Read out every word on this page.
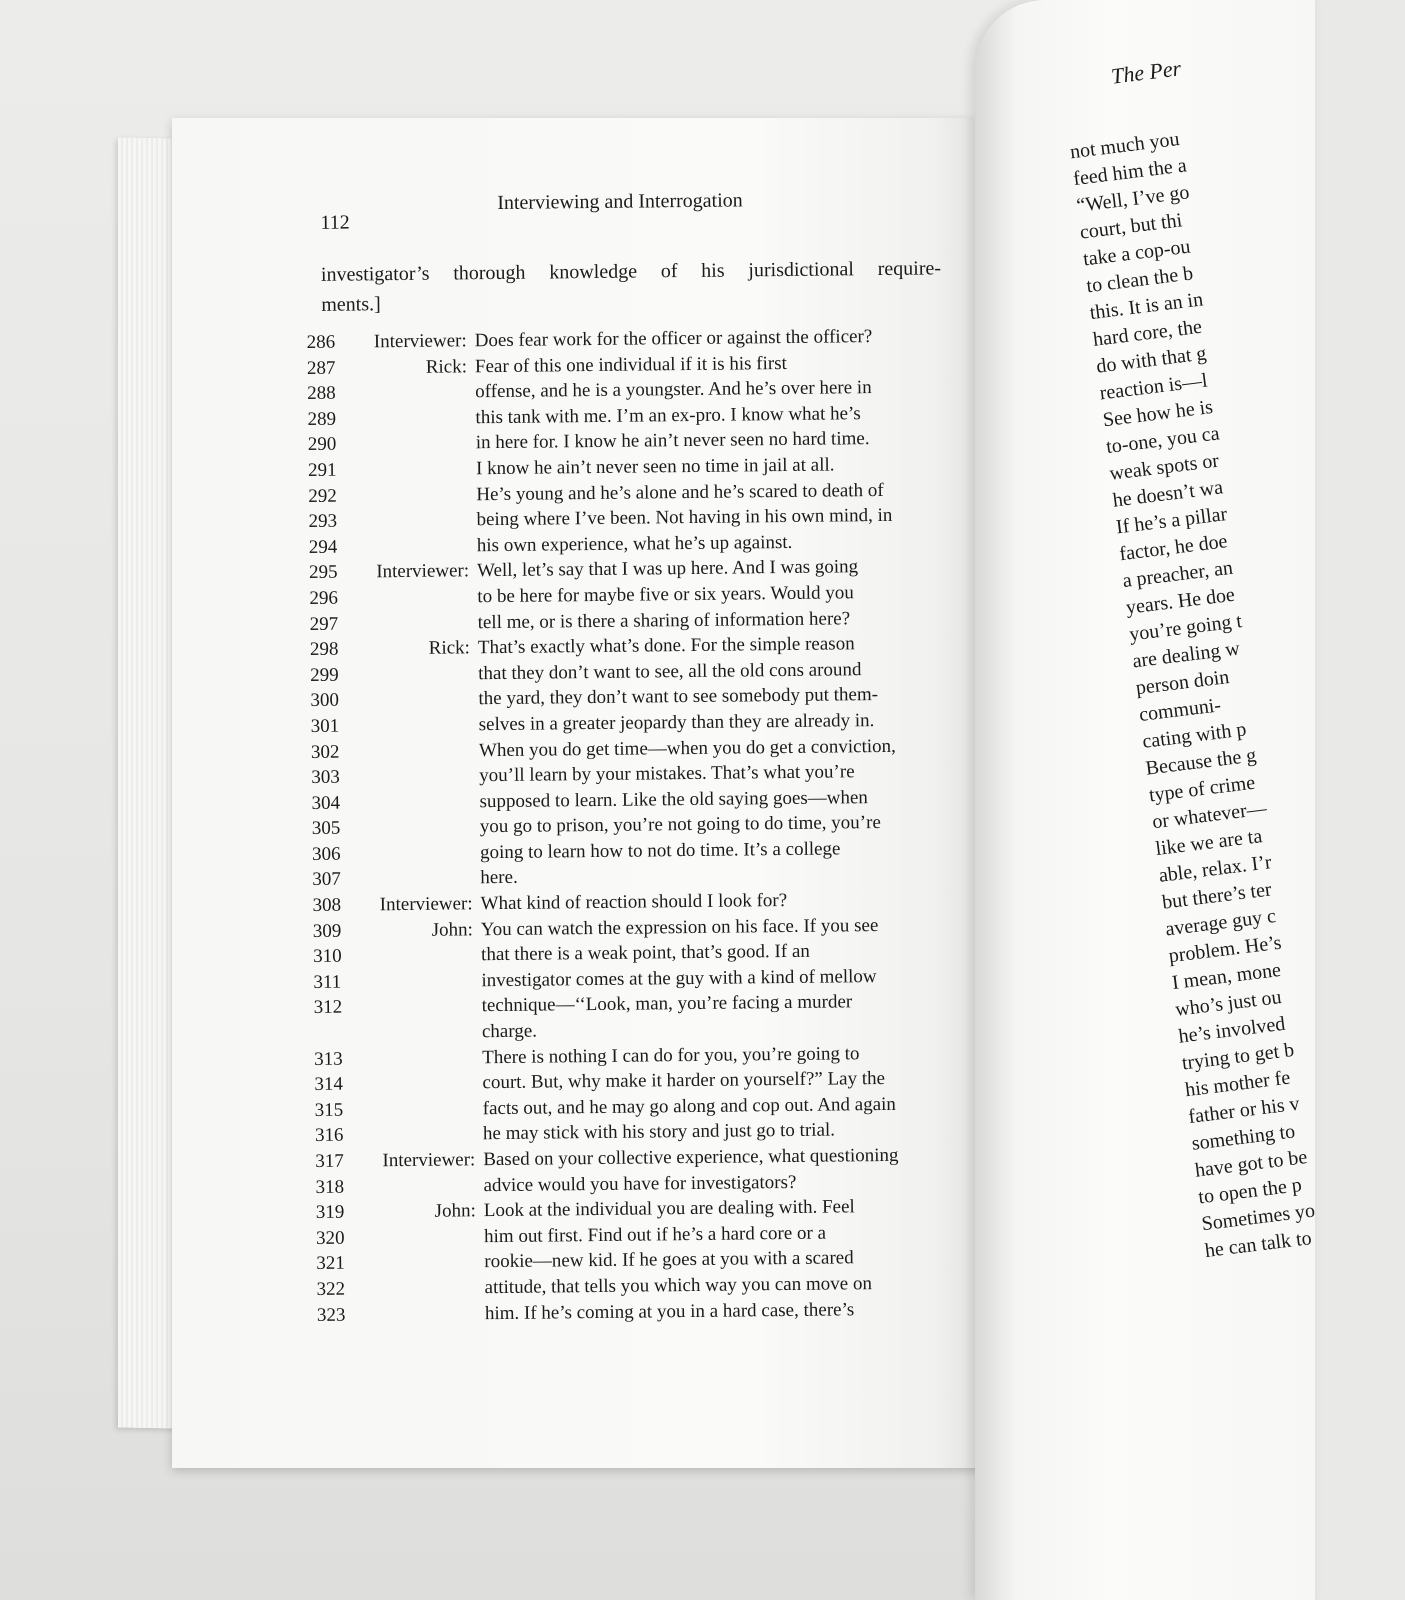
112
Interviewing and Interrogation
investigator’s thorough knowledge of his jurisdictional require-
ments.]
286	Interviewer: Does fear work for the officer or against the officer?
287	Rick: Fear of this one individual if it is his first
288	offense, and he is a youngster. And he’s over here in
289	this tank with me. I’m an ex-pro. I know what he’s
290	in here for. I know he ain’t never seen no hard time.
291	I know he ain’t never seen no time in jail at all.
292	He’s young and he’s alone and he’s scared to death of
293	being where I’ve been. Not having in his own mind, in
294	his own experience, what he’s up against.
295	Interviewer: Well, let’s say that I was up here. And I was going
296	to be here for maybe five or six years. Would you
297	tell me, or is there a sharing of information here?
298	Rick: That’s exactly what’s done. For the simple reason
299	that they don’t want to see, all the old cons around
300	the yard, they don’t want to see somebody put them-
301	selves in a greater jeopardy than they are already in.
302	When you do get time—when you do get a conviction,
303	you’ll learn by your mistakes. That’s what you’re
304	supposed to learn. Like the old saying goes—when
305	you go to prison, you’re not going to do time, you’re
306	going to learn how to not do time. It’s a college
307	here.
308	Interviewer: What kind of reaction should I look for?
309	John: You can watch the expression on his face. If you see
310	that there is a weak point, that’s good. If an
311	investigator comes at the guy with a kind of mellow
312	technique—‘‘Look, man, you’re facing a murder
charge.
313	There is nothing I can do for you, you’re going to
314	court. But, why make it harder on yourself?” Lay the
315	facts out, and he may go along and cop out. And again
316	he may stick with his story and just go to trial.
317	Interviewer: Based on your collective experience, what questioning
318	advice would you have for investigators?
319	John: Look at the individual you are dealing with. Feel
320	him out first. Find out if he’s a hard core or a
321	rookie—new kid. If he goes at you with a scared
322	attitude, that tells you which way you can move on
323	him. If he’s coming at you in a hard case, there’s
The Per
not much you
feed him the a
“Well, I’ve go
court, but thi
take a cop-ou
to clean the b
this. It is an in
hard core, the
do with that g
reaction is—l
See how he is
to-one, you ca
weak spots or
he doesn’t wa
If he’s a pillar
factor, he doe
a preacher, an
years. He doe
you’re going t
are dealing w
person doin
communi-
cating with p
Because the g
type of crime
or whatever—
like we are ta
able, relax. I’r
but there’s ter
average guy c
problem. He’s
I mean, mone
who’s just ou
he’s involved
trying to get b
his mother fe
father or his v
something to
have got to be
to open the p
Sometimes yo
he can talk to
